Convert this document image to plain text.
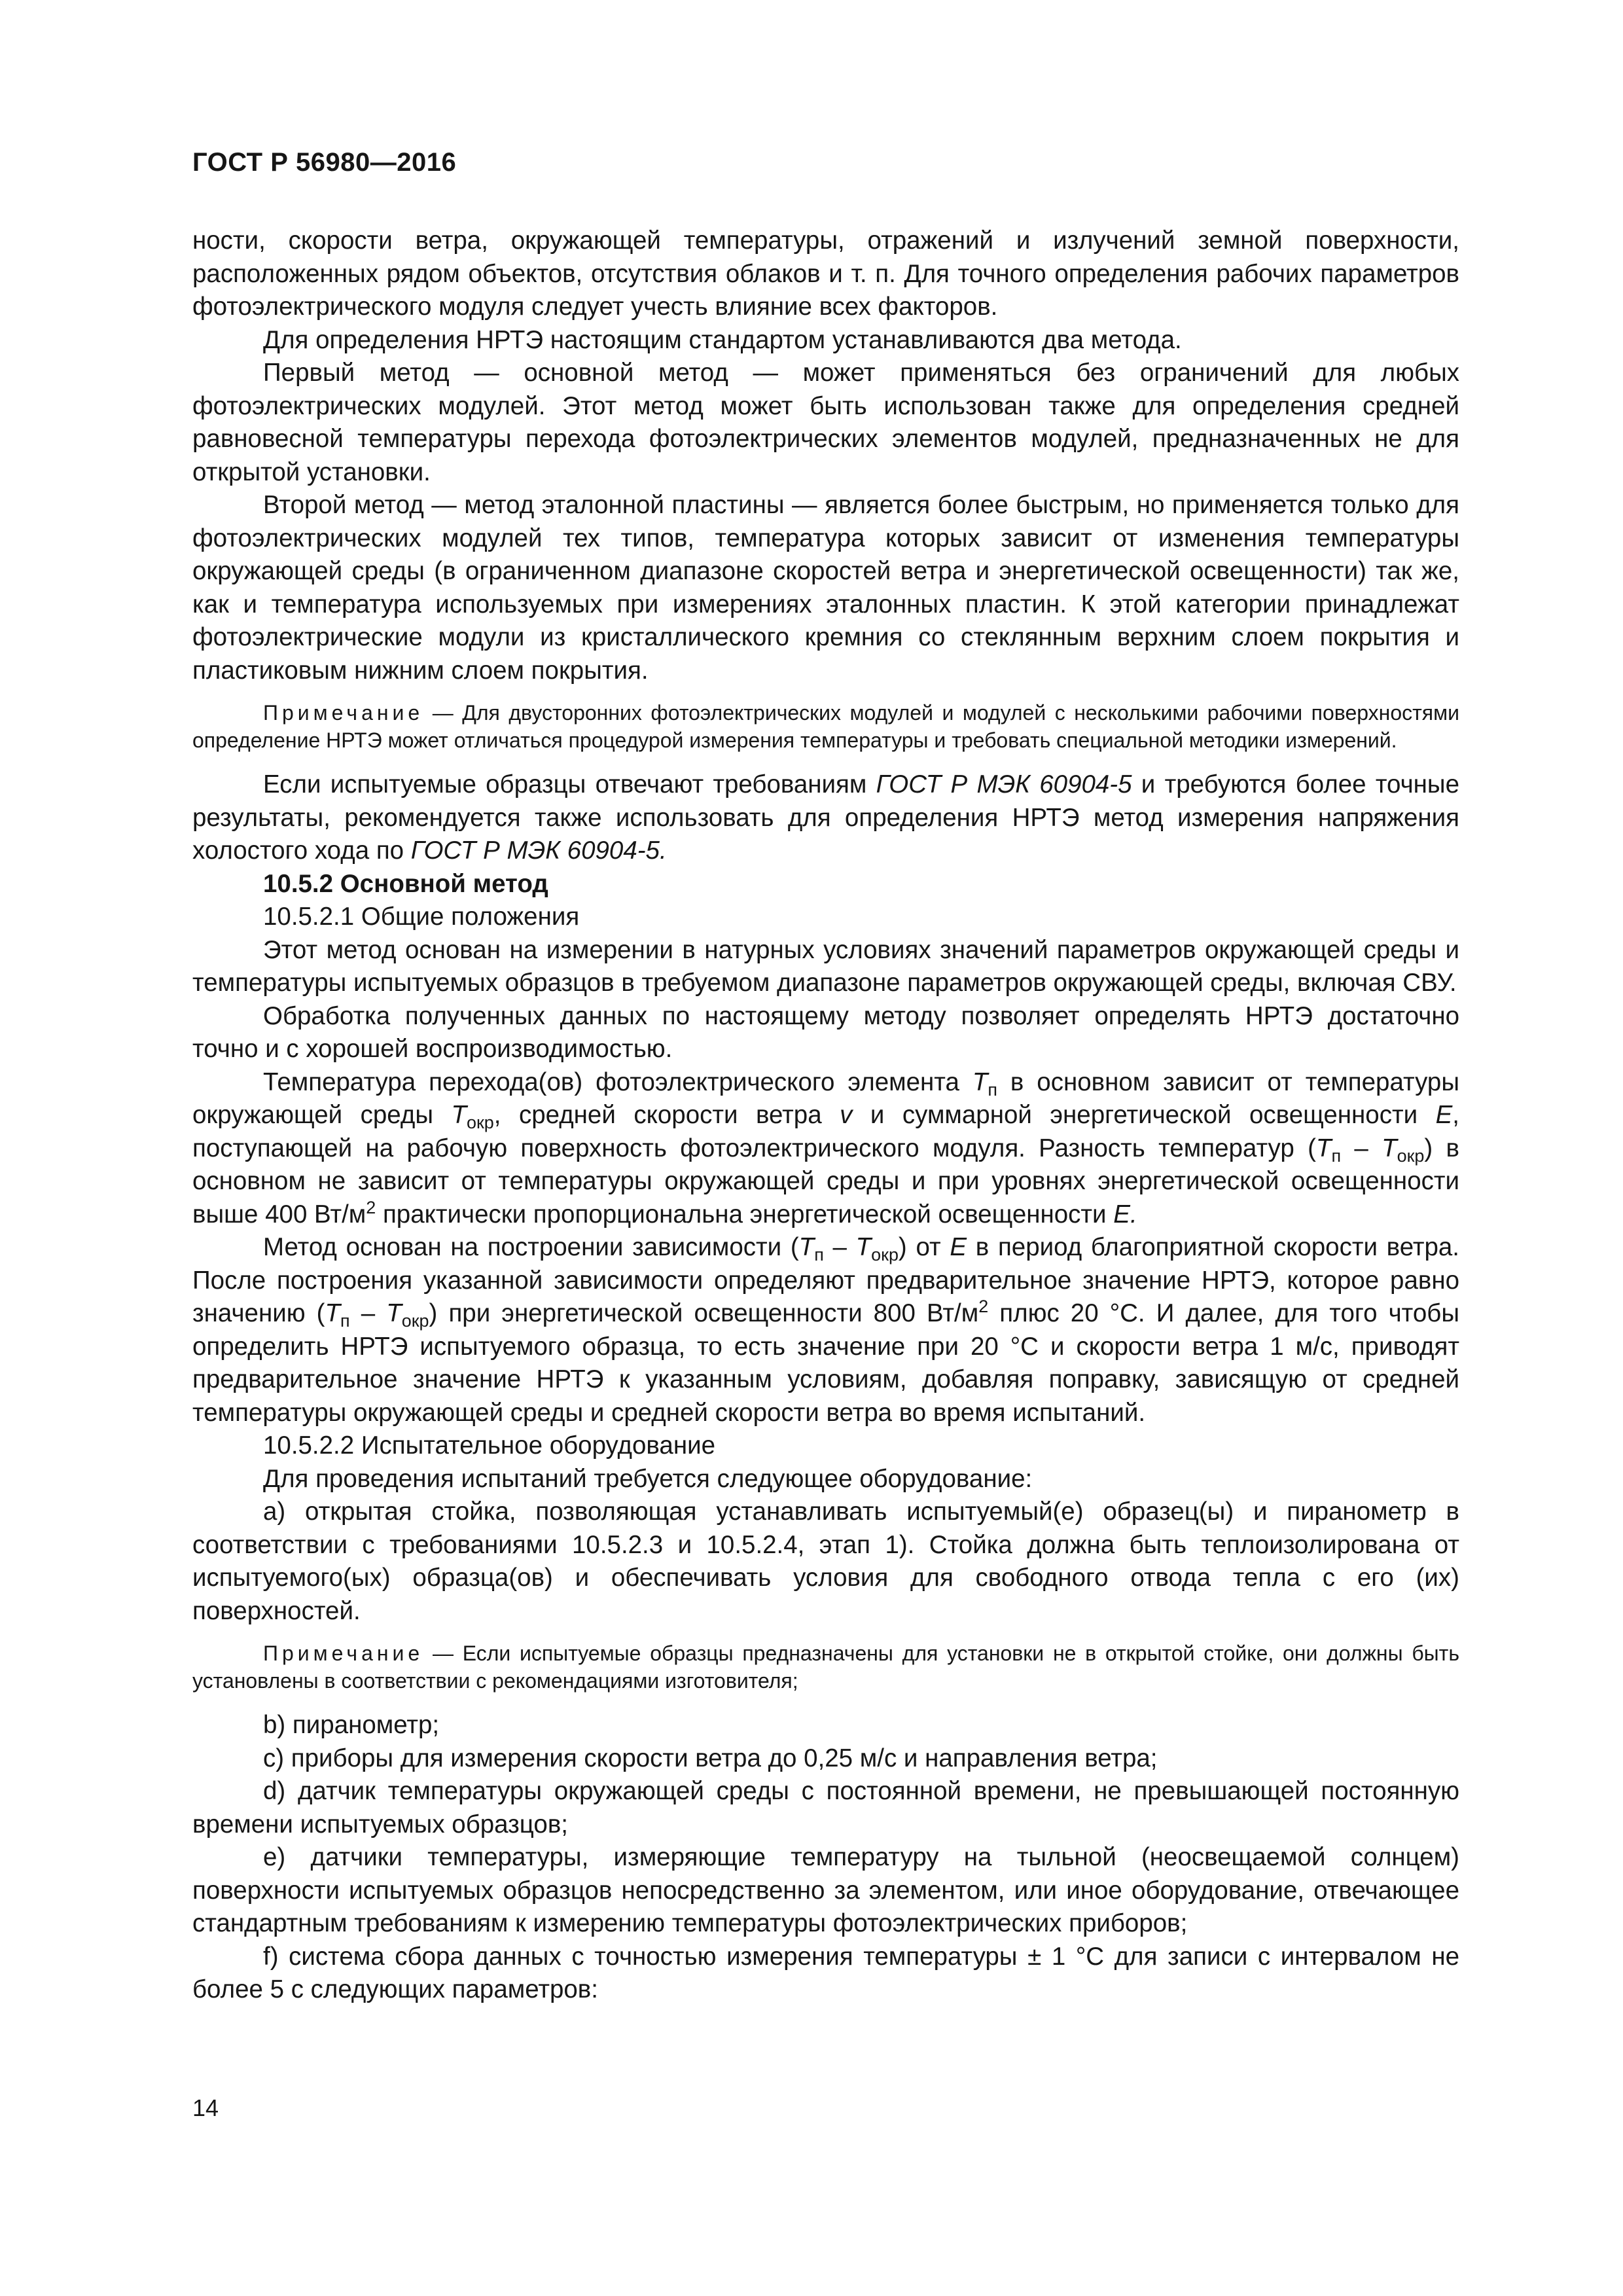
ГОСТ Р 56980—2016

ности, скорости ветра, окружающей температуры, отражений и излучений земной поверхности, расположенных рядом объектов, отсутствия облаков и т. п. Для точного определения рабочих параметров фотоэлектрического модуля следует учесть влияние всех факторов.

Для определения НРТЭ настоящим стандартом устанавливаются два метода.

Первый метод — основной метод — может применяться без ограничений для любых фотоэлектрических модулей. Этот метод может быть использован также для определения средней равновесной температуры перехода фотоэлектрических элементов модулей, предназначенных не для открытой установки.

Второй метод — метод эталонной пластины — является более быстрым, но применяется только для фотоэлектрических модулей тех типов, температура которых зависит от изменения температуры окружающей среды (в ограниченном диапазоне скоростей ветра и энергетической освещенности) так же, как и температура используемых при измерениях эталонных пластин. К этой категории принадлежат фотоэлектрические модули из кристаллического кремния со стеклянным верхним слоем покрытия и пластиковым нижним слоем покрытия.

Примечание — Для двусторонних фотоэлектрических модулей и модулей с несколькими рабочими поверхностями определение НРТЭ может отличаться процедурой измерения температуры и требовать специальной методики измерений.

Если испытуемые образцы отвечают требованиям ГОСТ Р МЭК 60904-5 и требуются более точные результаты, рекомендуется также использовать для определения НРТЭ метод измерения напряжения холостого хода по ГОСТ Р МЭК 60904-5.

10.5.2 Основной метод

10.5.2.1 Общие положения

Этот метод основан на измерении в натурных условиях значений параметров окружающей среды и температуры испытуемых образцов в требуемом диапазоне параметров окружающей среды, включая СВУ.

Обработка полученных данных по настоящему методу позволяет определять НРТЭ достаточно точно и с хорошей воспроизводимостью.

Температура перехода(ов) фотоэлектрического элемента $T_п$ в основном зависит от температуры окружающей среды $T_{окр}$, средней скорости ветра v и суммарной энергетической освещенности E, поступающей на рабочую поверхность фотоэлектрического модуля. Разность температур $(T_п - T_{окр})$ в основном не зависит от температуры окружающей среды и при уровнях энергетической освещенности выше 400 $Вт/м^2$ практически пропорциональна энергетической освещенности E.

Метод основан на построении зависимости $(T_п - T_{окр})$ от E в период благоприятной скорости ветра. После построения указанной зависимости определяют предварительное значение НРТЭ, которое равно значению $(T_п - T_{окр})$ при энергетической освещенности 800 $Вт/м^2$ плюс 20 °С. И далее, для того чтобы определить НРТЭ испытуемого образца, то есть значение при 20 °С и скорости ветра 1 м/с, приводят предварительное значение НРТЭ к указанным условиям, добавляя поправку, зависящую от средней температуры окружающей среды и средней скорости ветра во время испытаний.

10.5.2.2 Испытательное оборудование

Для проведения испытаний требуется следующее оборудование:

а) открытая стойка, позволяющая устанавливать испытуемый(е) образец(ы) и пиранометр в соответствии с требованиями 10.5.2.3 и 10.5.2.4, этап 1). Стойка должна быть теплоизолирована от испытуемого(ых) образца(ов) и обеспечивать условия для свободного отвода тепла с его (их) поверхностей.

Примечание — Если испытуемые образцы предназначены для установки не в открытой стойке, они должны быть установлены в соответствии с рекомендациями изготовителя;

b) пиранометр;

c) приборы для измерения скорости ветра до 0,25 м/с и направления ветра;

d) датчик температуры окружающей среды с постоянной времени, не превышающей постоянную времени испытуемых образцов;

e) датчики температуры, измеряющие температуру на тыльной (неосвещаемой солнцем) поверхности испытуемых образцов непосредственно за элементом, или иное оборудование, отвечающее стандартным требованиям к измерению температуры фотоэлектрических приборов;

f) система сбора данных с точностью измерения температуры ± 1 °С для записи с интервалом не более 5 с следующих параметров:

14
